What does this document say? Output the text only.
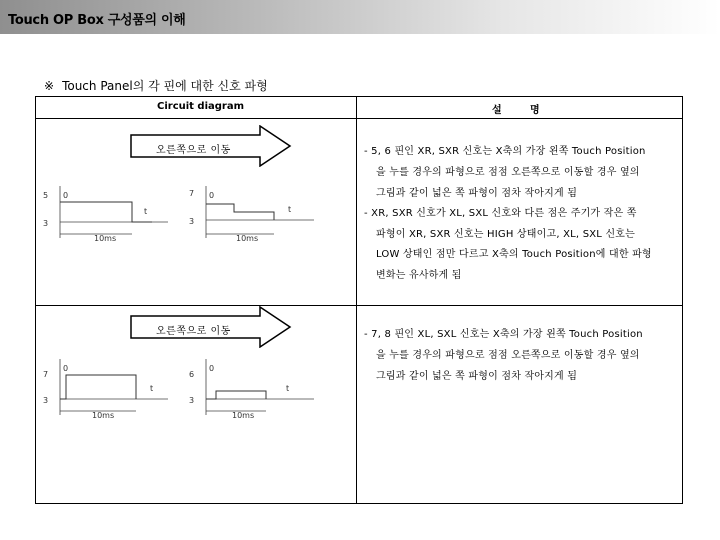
Touch OP Box 구성품의 이해
※ Touch Panel의 각 핀에 대한 신호 파형
Circuit diagram	설	명
오른쪽으로 이동
5
3
0
t
10ms
7
3
0
t
10ms
- 5, 6 핀인 XR, SXR 신호는 X축의 가장 왼쪽 Touch Position
을 누를 경우의 파형으로 점점 오른쪽으로 이동할 경우 옆의
그림과 같이 넓은 쪽 파형이 점차 작아지게 됨
- XR, SXR 신호가 XL, SXL 신호와 다른 점은 주기가 작은 쪽
파형이 XR, SXR 신호는 HIGH 상태이고, XL, SXL 신호는
LOW 상태인 점만 다르고 X축의 Touch Position에 대한 파형
변화는 유사하게 됨
오른쪽으로 이동
7
3
0
t
10ms
6
3
0
t
10ms
- 7, 8 핀인 XL, SXL 신호는 X축의 가장 왼쪽 Touch Position
을 누를 경우의 파형으로 점점 오른쪽으로 이동할 경우 옆의
그림과 같이 넓은 쪽 파형이 점차 작아지게 됨
